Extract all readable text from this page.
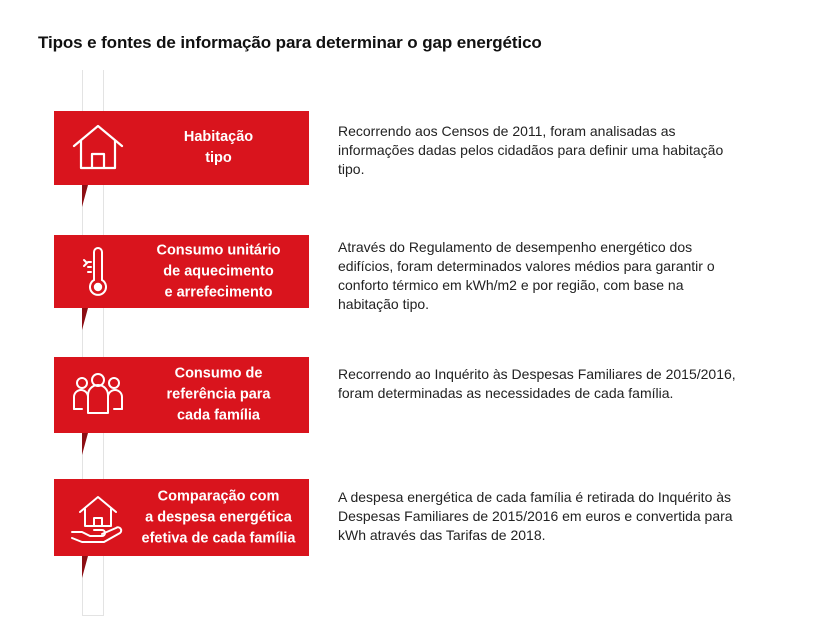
Tipos e fontes de informação para determinar o gap energético
Habitação
tipo
Recorrendo aos Censos de 2011, foram analisadas as informações dadas pelos cidadãos para definir uma habitação tipo.
Consumo unitário
de aquecimento
e arrefecimento
Através do Regulamento de desempenho energético dos edifícios, foram determinados valores médios para garantir o conforto térmico em kWh/m2 e por região, com base na habitação tipo.
Consumo de
referência para
cada família
Recorrendo ao Inquérito às Despesas Familiares de 2015/2016, foram determinadas as necessidades de cada família.
Comparação com
a despesa energética
efetiva de cada família
A despesa energética de cada família é retirada do Inquérito às Despesas Familiares de 2015/2016 em euros e convertida para kWh através das Tarifas de 2018.
